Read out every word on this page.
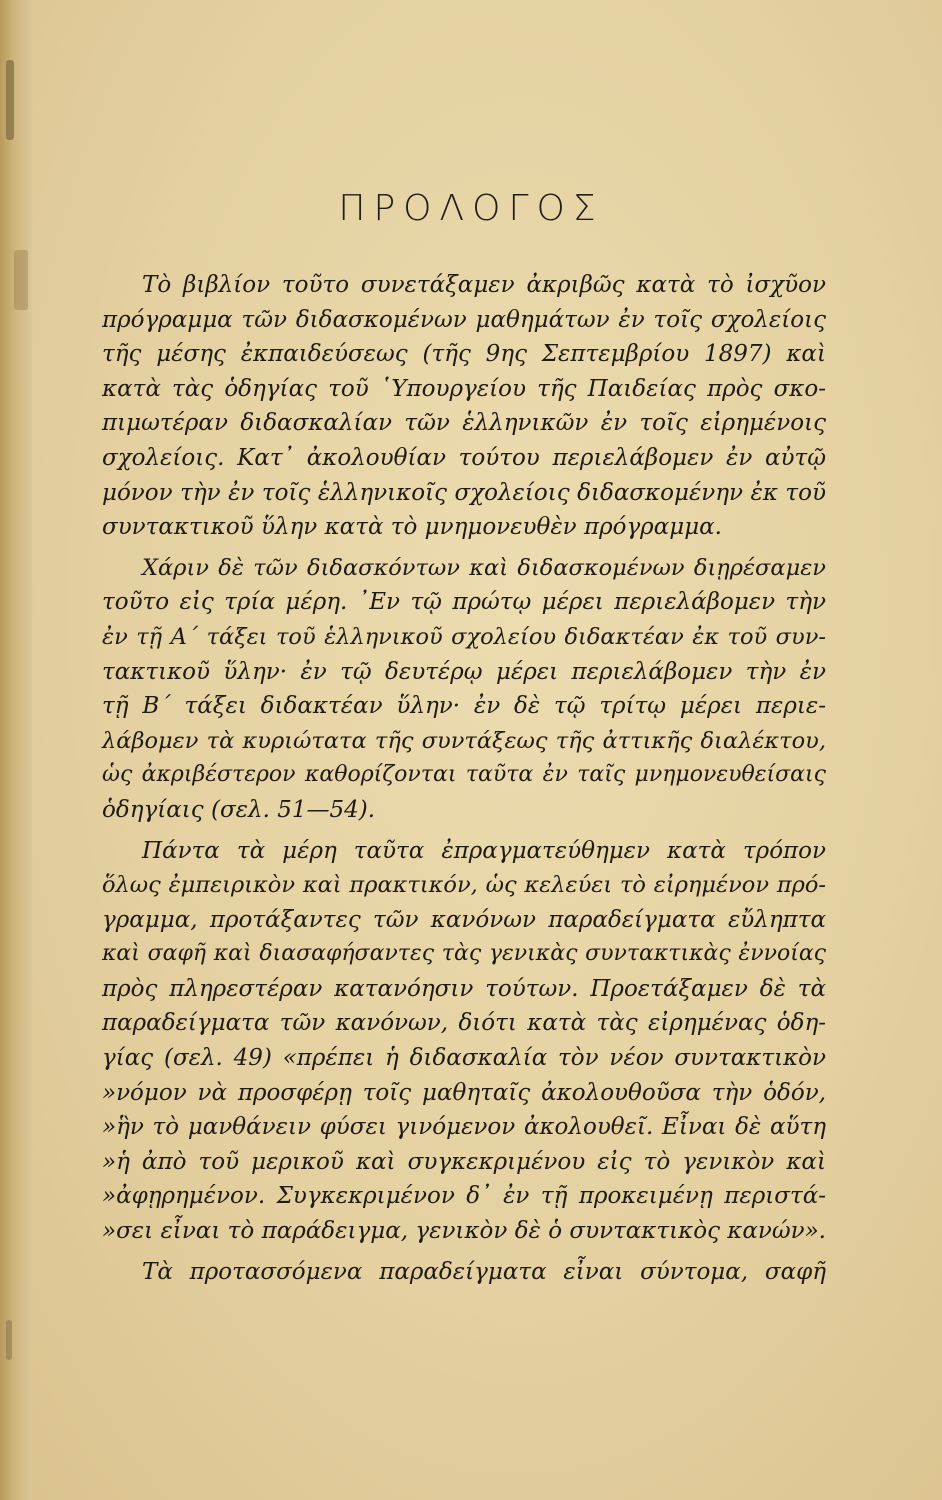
ΠΡΟΛΟΓΟΣ
Τὸ βιβλίον τοῦτο συνετάξαμεν ἀκριβῶς κατὰ τὸ ἰσχῦον
πρόγραμμα τῶν διδασκομένων μαθημάτων ἐν τοῖς σχολείοις
τῆς μέσης ἐκπαιδεύσεως (τῆς 9ης Σεπτεμβρίου 1897) καὶ
κατὰ τὰς ὁδηγίας τοῦ ῾Υπουργείου τῆς Παιδείας πρὸς σκο-
πιμωτέραν διδασκαλίαν τῶν ἑλληνικῶν ἐν τοῖς εἰρημένοις
σχολείοις. Κατ᾽ ἀκολουθίαν τούτου περιελάβομεν ἐν αὐτῷ
μόνον τὴν ἐν τοῖς ἑλληνικοῖς σχολείοις διδασκομένην ἐκ τοῦ
συντακτικοῦ ὕλην κατὰ τὸ μνημονευθὲν πρόγραμμα.
Χάριν δὲ τῶν διδασκόντων καὶ διδασκομένων διῃρέσαμεν
τοῦτο εἰς τρία μέρη. ᾽Εν τῷ πρώτῳ μέρει περιελάβομεν τὴν
ἐν τῇ Α΄ τάξει τοῦ ἑλληνικοῦ σχολείου διδακτέαν ἐκ τοῦ συν-
τακτικοῦ ὕλην· ἐν τῷ δευτέρῳ μέρει περιελάβομεν τὴν ἐν
τῇ Β΄ τάξει διδακτέαν ὕλην· ἐν δὲ τῷ τρίτῳ μέρει περιε-
λάβομεν τὰ κυριώτατα τῆς συντάξεως τῆς ἀττικῆς διαλέκτου,
ὡς ἀκριβέστερον καθορίζονται ταῦτα ἐν ταῖς μνημονευθείσαις
ὁδηγίαις (σελ. 51—54).
Πάντα τὰ μέρη ταῦτα ἐπραγματεύθημεν κατὰ τρόπον
ὅλως ἐμπειρικὸν καὶ πρακτικόν, ὡς κελεύει τὸ εἰρημένον πρό-
γραμμα, προτάξαντες τῶν κανόνων παραδείγματα εὔληπτα
καὶ σαφῆ καὶ διασαφήσαντες τὰς γενικὰς συντακτικὰς ἐννοίας
πρὸς πληρεστέραν κατανόησιν τούτων. Προετάξαμεν δὲ τὰ
παραδείγματα τῶν κανόνων, διότι κατὰ τὰς εἰρημένας ὁδη-
γίας (σελ. 49) «πρέπει ἡ διδασκαλία τὸν νέον συντακτικὸν
»νόμον νὰ προσφέρῃ τοῖς μαθηταῖς ἀκολουθοῦσα τὴν ὁδόν,
»ἣν τὸ μανθάνειν φύσει γινόμενον ἀκολουθεῖ. Εἶναι δὲ αὕτη
»ἡ ἀπὸ τοῦ μερικοῦ καὶ συγκεκριμένου εἰς τὸ γενικὸν καὶ
»ἀφῃρημένον. Συγκεκριμένον δ᾽ ἐν τῇ προκειμένῃ περιστά-
»σει εἶναι τὸ παράδειγμα, γενικὸν δὲ ὁ συντακτικὸς κανών».
Τὰ προτασσόμενα παραδείγματα εἶναι σύντομα, σαφῆ
